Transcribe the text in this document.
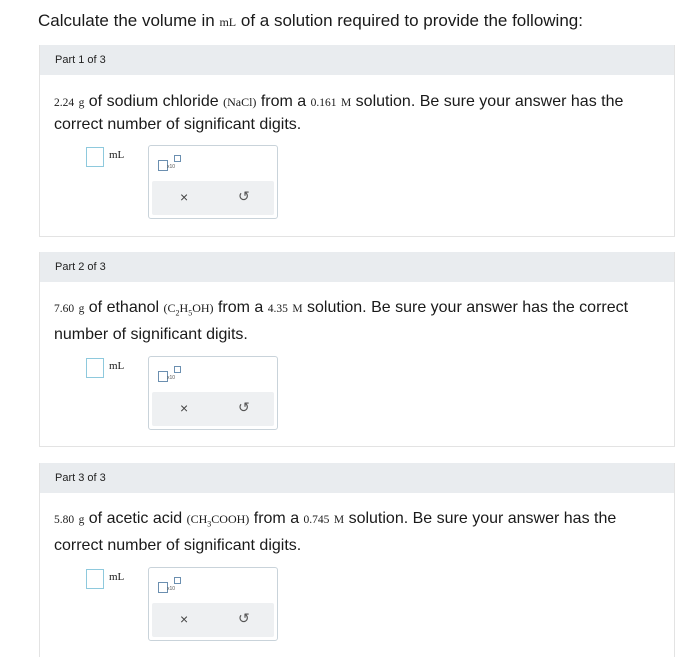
Calculate the volume in mL of a solution required to provide the following:
Part 1 of 3
2.24 g of sodium chloride (NaCl) from a 0.161 M solution. Be sure your answer has the correct number of significant digits.
mL
x10
×	↺
Part 2 of 3
7.60 g of ethanol $(C_2H_5OH)$ from a 4.35 M solution. Be sure your answer has the correct number of significant digits.
mL
x10
×	↺
Part 3 of 3
5.80 g of acetic acid $(CH_3COOH)$ from a 0.745 M solution. Be sure your answer has the correct number of significant digits.
mL
x10
×	↺
